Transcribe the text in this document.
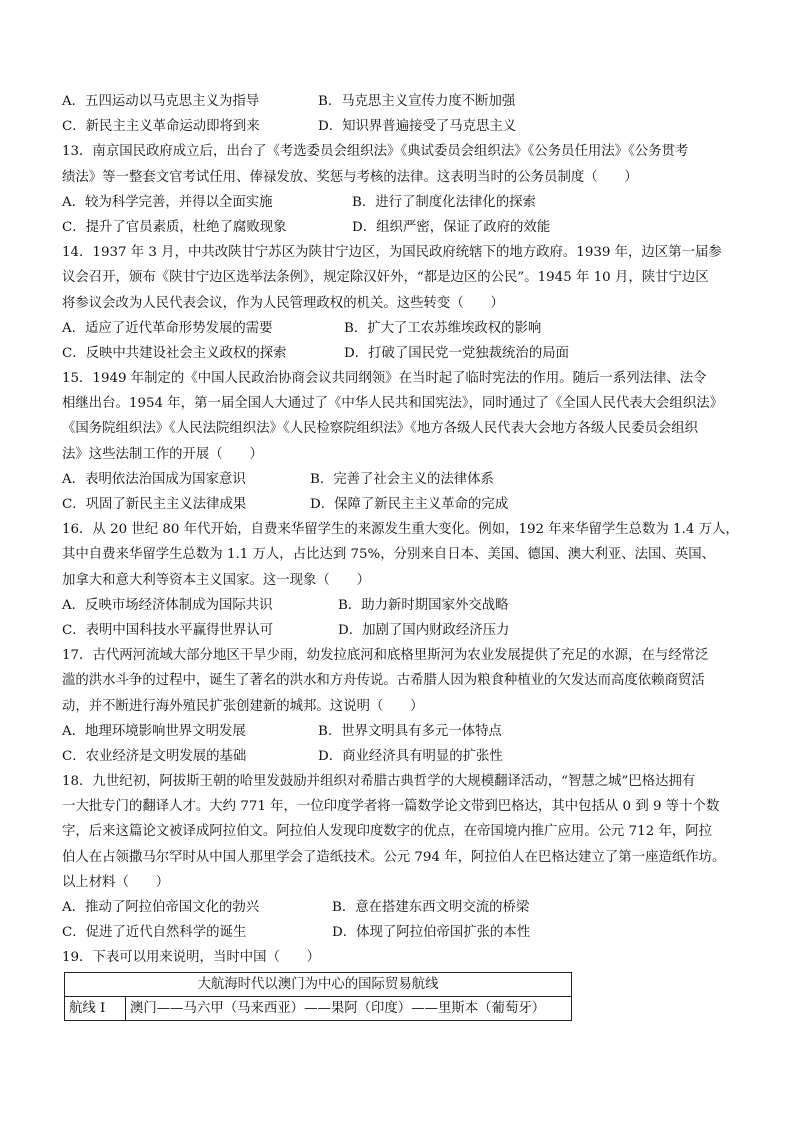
A．五四运动以马克思主义为指导	B．马克思主义宣传力度不断加强
C．新民主主义革命运动即将到来	D．知识界普遍接受了马克思主义
13．南京国民政府成立后，出台了《考选委员会组织法》《典试委员会组织法》《公务员任用法》《公务贯考
绩法》等一整套文官考试任用、俸禄发放、奖惩与考核的法律。这表明当时的公务员制度（　　）
A．较为科学完善，并得以全面实施	B．进行了制度化法律化的探索
C．提升了官员素质，杜绝了腐败现象	D．组织严密，保证了政府的效能
14．1937 年 3 月，中共改陕甘宁苏区为陕甘宁边区，为国民政府统辖下的地方政府。1939 年，边区第一届参
议会召开，颁布《陕甘宁边区选举法条例》，规定除汉奸外，“都是边区的公民”。1945 年 10 月，陕甘宁边区
将参议会改为人民代表会议，作为人民管理政权的机关。这些转变（　　）
A．适应了近代革命形势发展的需要	B．扩大了工农苏维埃政权的影响
C．反映中共建设社会主义政权的探索	D．打破了国民党一党独裁统治的局面
15．1949 年制定的《中国人民政治协商会议共同纲领》在当时起了临时宪法的作用。随后一系列法律、法令
相继出台。1954 年，第一届全国人大通过了《中华人民共和国宪法》，同时通过了《全国人民代表大会组织法》
《国务院组织法》《人民法院组织法》《人民检察院组织法》《地方各级人民代表大会地方各级人民委员会组织
法》这些法制工作的开展（　　）
A．表明依法治国成为国家意识	B．完善了社会主义的法律体系
C．巩固了新民主主义法律成果	D．保障了新民主主义革命的完成
16．从 20 世纪 80 年代开始，自费来华留学生的来源发生重大变化。例如，192 年来华留学生总数为 1.4 万人，
其中自费来华留学生总数为 1.1 万人，占比达到 75%，分别来自日本、美国、德国、澳大利亚、法国、英国、
加拿大和意大利等资本主义国家。这一现象（　　）
A．反映市场经济体制成为国际共识	B．助力新时期国家外交战略
C．表明中国科技水平赢得世界认可	D．加剧了国内财政经济压力
17．古代两河流域大部分地区干旱少雨，幼发拉底河和底格里斯河为农业发展提供了充足的水源，在与经常泛
滥的洪水斗争的过程中，诞生了著名的洪水和方舟传说。古希腊人因为粮食种植业的欠发达而高度依赖商贸活
动，并不断进行海外殖民扩张创建新的城邦。这说明（　　）
A．地理环境影响世界文明发展	B．世界文明具有多元一体特点
C．农业经济是文明发展的基础	D．商业经济具有明显的扩张性
18．九世纪初，阿拔斯王朝的哈里发鼓励并组织对希腊古典哲学的大规模翻译活动，“智慧之城”巴格达拥有
一大批专门的翻译人才。大约 771 年，一位印度学者将一篇数学论文带到巴格达，其中包括从 0 到 9 等十个数
字，后来这篇论文被译成阿拉伯文。阿拉伯人发现印度数字的优点，在帝国境内推广应用。公元 712 年，阿拉
伯人在占领撒马尔罕时从中国人那里学会了造纸技术。公元 794 年，阿拉伯人在巴格达建立了第一座造纸作坊。
以上材料（　　）
A．推动了阿拉伯帝国文化的勃兴	B．意在搭建东西文明交流的桥梁
C．促进了近代自然科学的诞生	D．体现了阿拉伯帝国扩张的本性
19．下表可以用来说明，当时中国（　　）
大航海时代以澳门为中心的国际贸易航线
航线 I	澳门——马六甲（马来西亚）——果阿（印度）——里斯本（葡萄牙）
